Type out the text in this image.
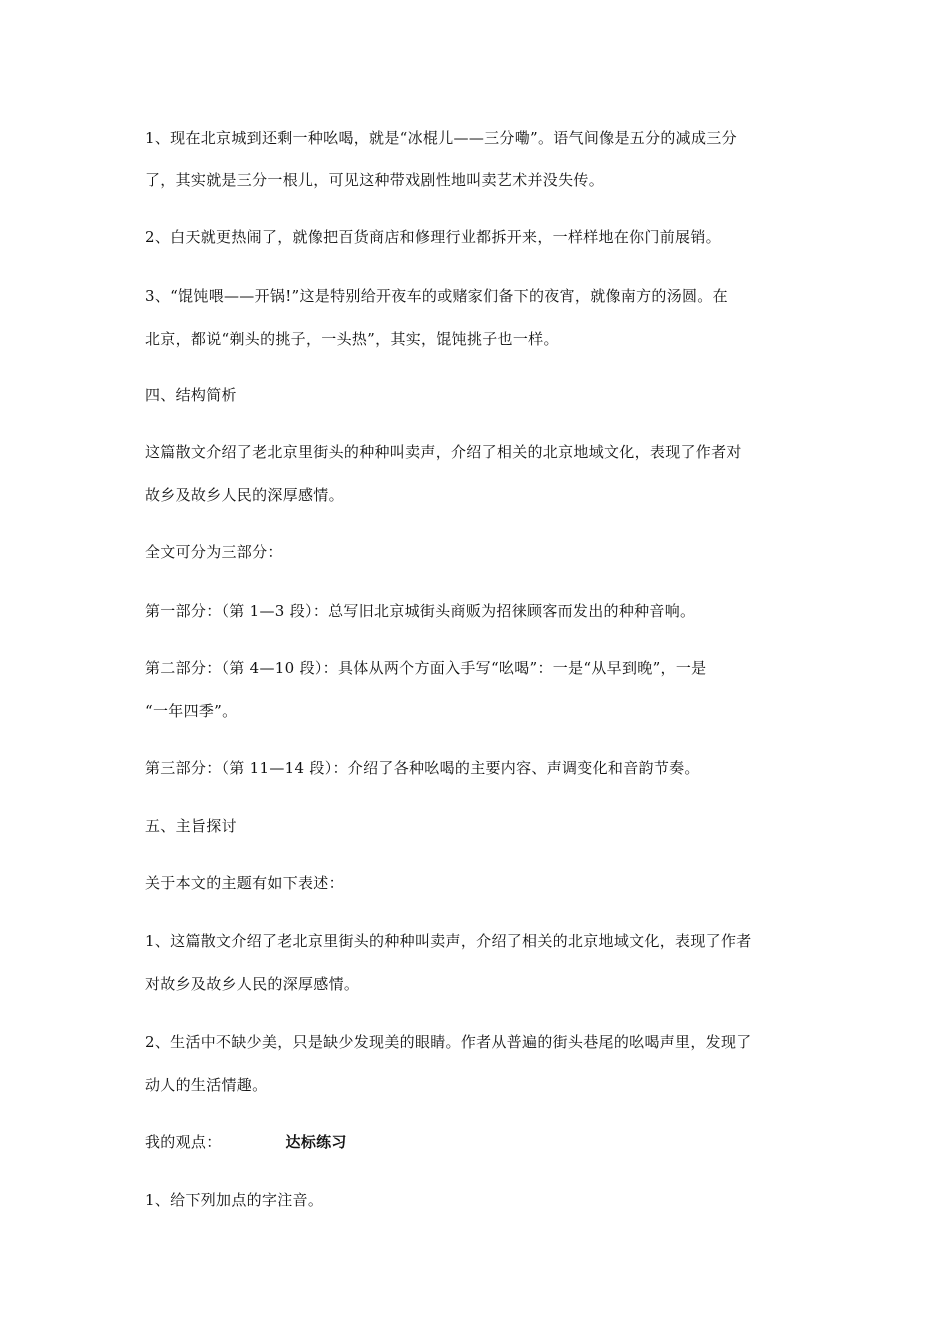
1、现在北京城到还剩一种吆喝，就是“冰棍儿——三分嘞”。语气间像是五分的减成三分
了，其实就是三分一根儿，可见这种带戏剧性地叫卖艺术并没失传。
2、白天就更热闹了，就像把百货商店和修理行业都拆开来，一样样地在你门前展销。
3、“馄饨喂——开锅!”这是特别给开夜车的或赌家们备下的夜宵，就像南方的汤圆。在
北京，都说“剃头的挑子，一头热”，其实，馄饨挑子也一样。
四、结构简析
这篇散文介绍了老北京里街头的种种叫卖声，介绍了相关的北京地域文化，表现了作者对
故乡及故乡人民的深厚感情。
全文可分为三部分：
第一部分：（第 1—3 段）：总写旧北京城街头商贩为招徕顾客而发出的种种音响。
第二部分：（第 4—10 段）：具体从两个方面入手写“吆喝”：一是“从早到晚”，一是
“一年四季”。
第三部分：（第 11—14 段）：介绍了各种吆喝的主要内容、声调变化和音韵节奏。
五、主旨探讨
关于本文的主题有如下表述：
1、这篇散文介绍了老北京里街头的种种叫卖声，介绍了相关的北京地域文化，表现了作者
对故乡及故乡人民的深厚感情。
2、生活中不缺少美，只是缺少发现美的眼睛。作者从普遍的街头巷尾的吆喝声里，发现了
动人的生活情趣。
我的观点：	达标练习
1、给下列加点的字注音。
